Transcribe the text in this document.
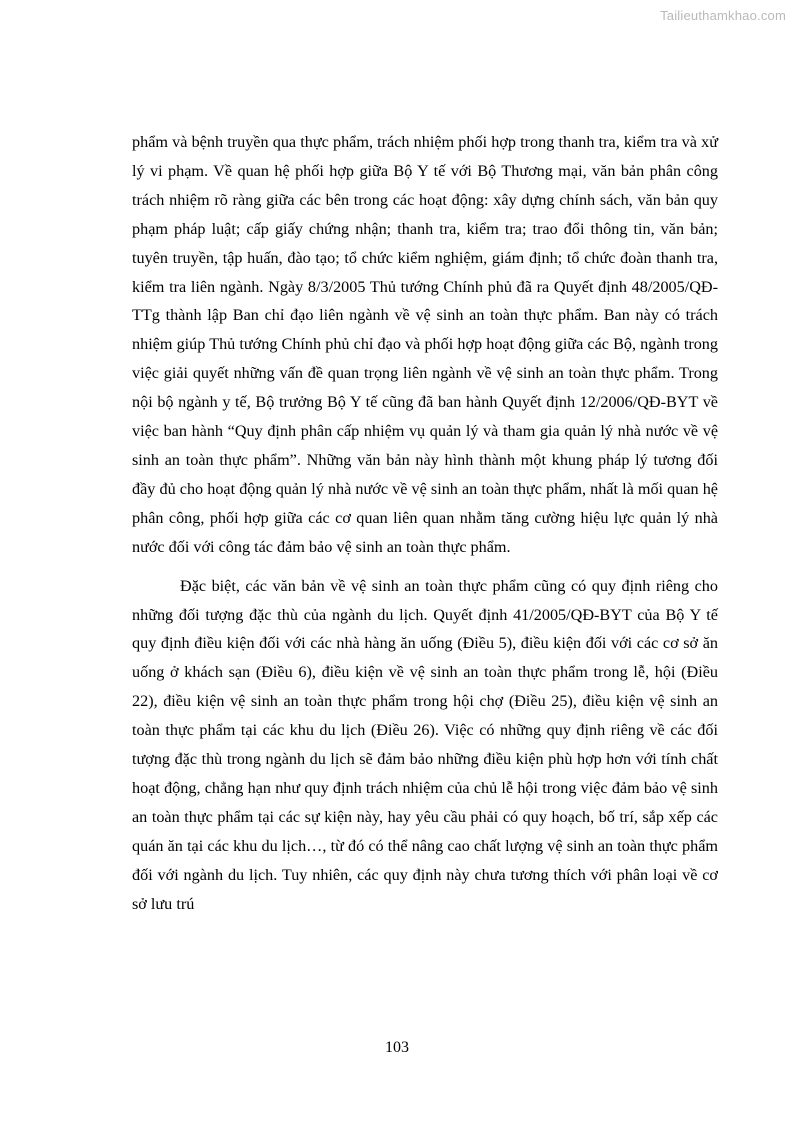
Tailieuthamkhao.com

phẩm và bệnh truyền qua thực phẩm, trách nhiệm phối hợp trong thanh tra, kiểm tra và xử lý vi phạm. Về quan hệ phối hợp giữa Bộ Y tế với Bộ Thương mại, văn bản phân công trách nhiệm rõ ràng giữa các bên trong các hoạt động: xây dựng chính sách, văn bản quy phạm pháp luật; cấp giấy chứng nhận; thanh tra, kiểm tra; trao đổi thông tin, văn bản; tuyên truyền, tập huấn, đào tạo; tổ chức kiểm nghiệm, giám định; tổ chức đoàn thanh tra, kiểm tra liên ngành. Ngày 8/3/2005 Thủ tướng Chính phủ đã ra Quyết định 48/2005/QĐ-TTg thành lập Ban chỉ đạo liên ngành về vệ sinh an toàn thực phẩm. Ban này có trách nhiệm giúp Thủ tướng Chính phủ chỉ đạo và phối hợp hoạt động giữa các Bộ, ngành trong việc giải quyết những vấn đề quan trọng liên ngành về vệ sinh an toàn thực phẩm. Trong nội bộ ngành y tế, Bộ trưởng Bộ Y tế cũng đã ban hành Quyết định 12/2006/QĐ-BYT về việc ban hành “Quy định phân cấp nhiệm vụ quản lý và tham gia quản lý nhà nước về vệ sinh an toàn thực phẩm”. Những văn bản này hình thành một khung pháp lý tương đối đầy đủ cho hoạt động quản lý nhà nước về vệ sinh an toàn thực phẩm, nhất là mối quan hệ phân công, phối hợp giữa các cơ quan liên quan nhằm tăng cường hiệu lực quản lý nhà nước đối với công tác đảm bảo vệ sinh an toàn thực phẩm.

Đặc biệt, các văn bản về vệ sinh an toàn thực phẩm cũng có quy định riêng cho những đối tượng đặc thù của ngành du lịch. Quyết định 41/2005/QĐ-BYT của Bộ Y tế quy định điều kiện đối với các nhà hàng ăn uống (Điều 5), điều kiện đối với các cơ sở ăn uống ở khách sạn (Điều 6), điều kiện về vệ sinh an toàn thực phẩm trong lễ, hội (Điều 22), điều kiện vệ sinh an toàn thực phẩm trong hội chợ (Điều 25), điều kiện vệ sinh an toàn thực phẩm tại các khu du lịch (Điều 26). Việc có những quy định riêng về các đối tượng đặc thù trong ngành du lịch sẽ đảm bảo những điều kiện phù hợp hơn với tính chất hoạt động, chẳng hạn như quy định trách nhiệm của chủ lễ hội trong việc đảm bảo vệ sinh an toàn thực phẩm tại các sự kiện này, hay yêu cầu phải có quy hoạch, bố trí, sắp xếp các quán ăn tại các khu du lịch…, từ đó có thể nâng cao chất lượng vệ sinh an toàn thực phẩm đối với ngành du lịch. Tuy nhiên, các quy định này chưa tương thích với phân loại về cơ sở lưu trú

103
